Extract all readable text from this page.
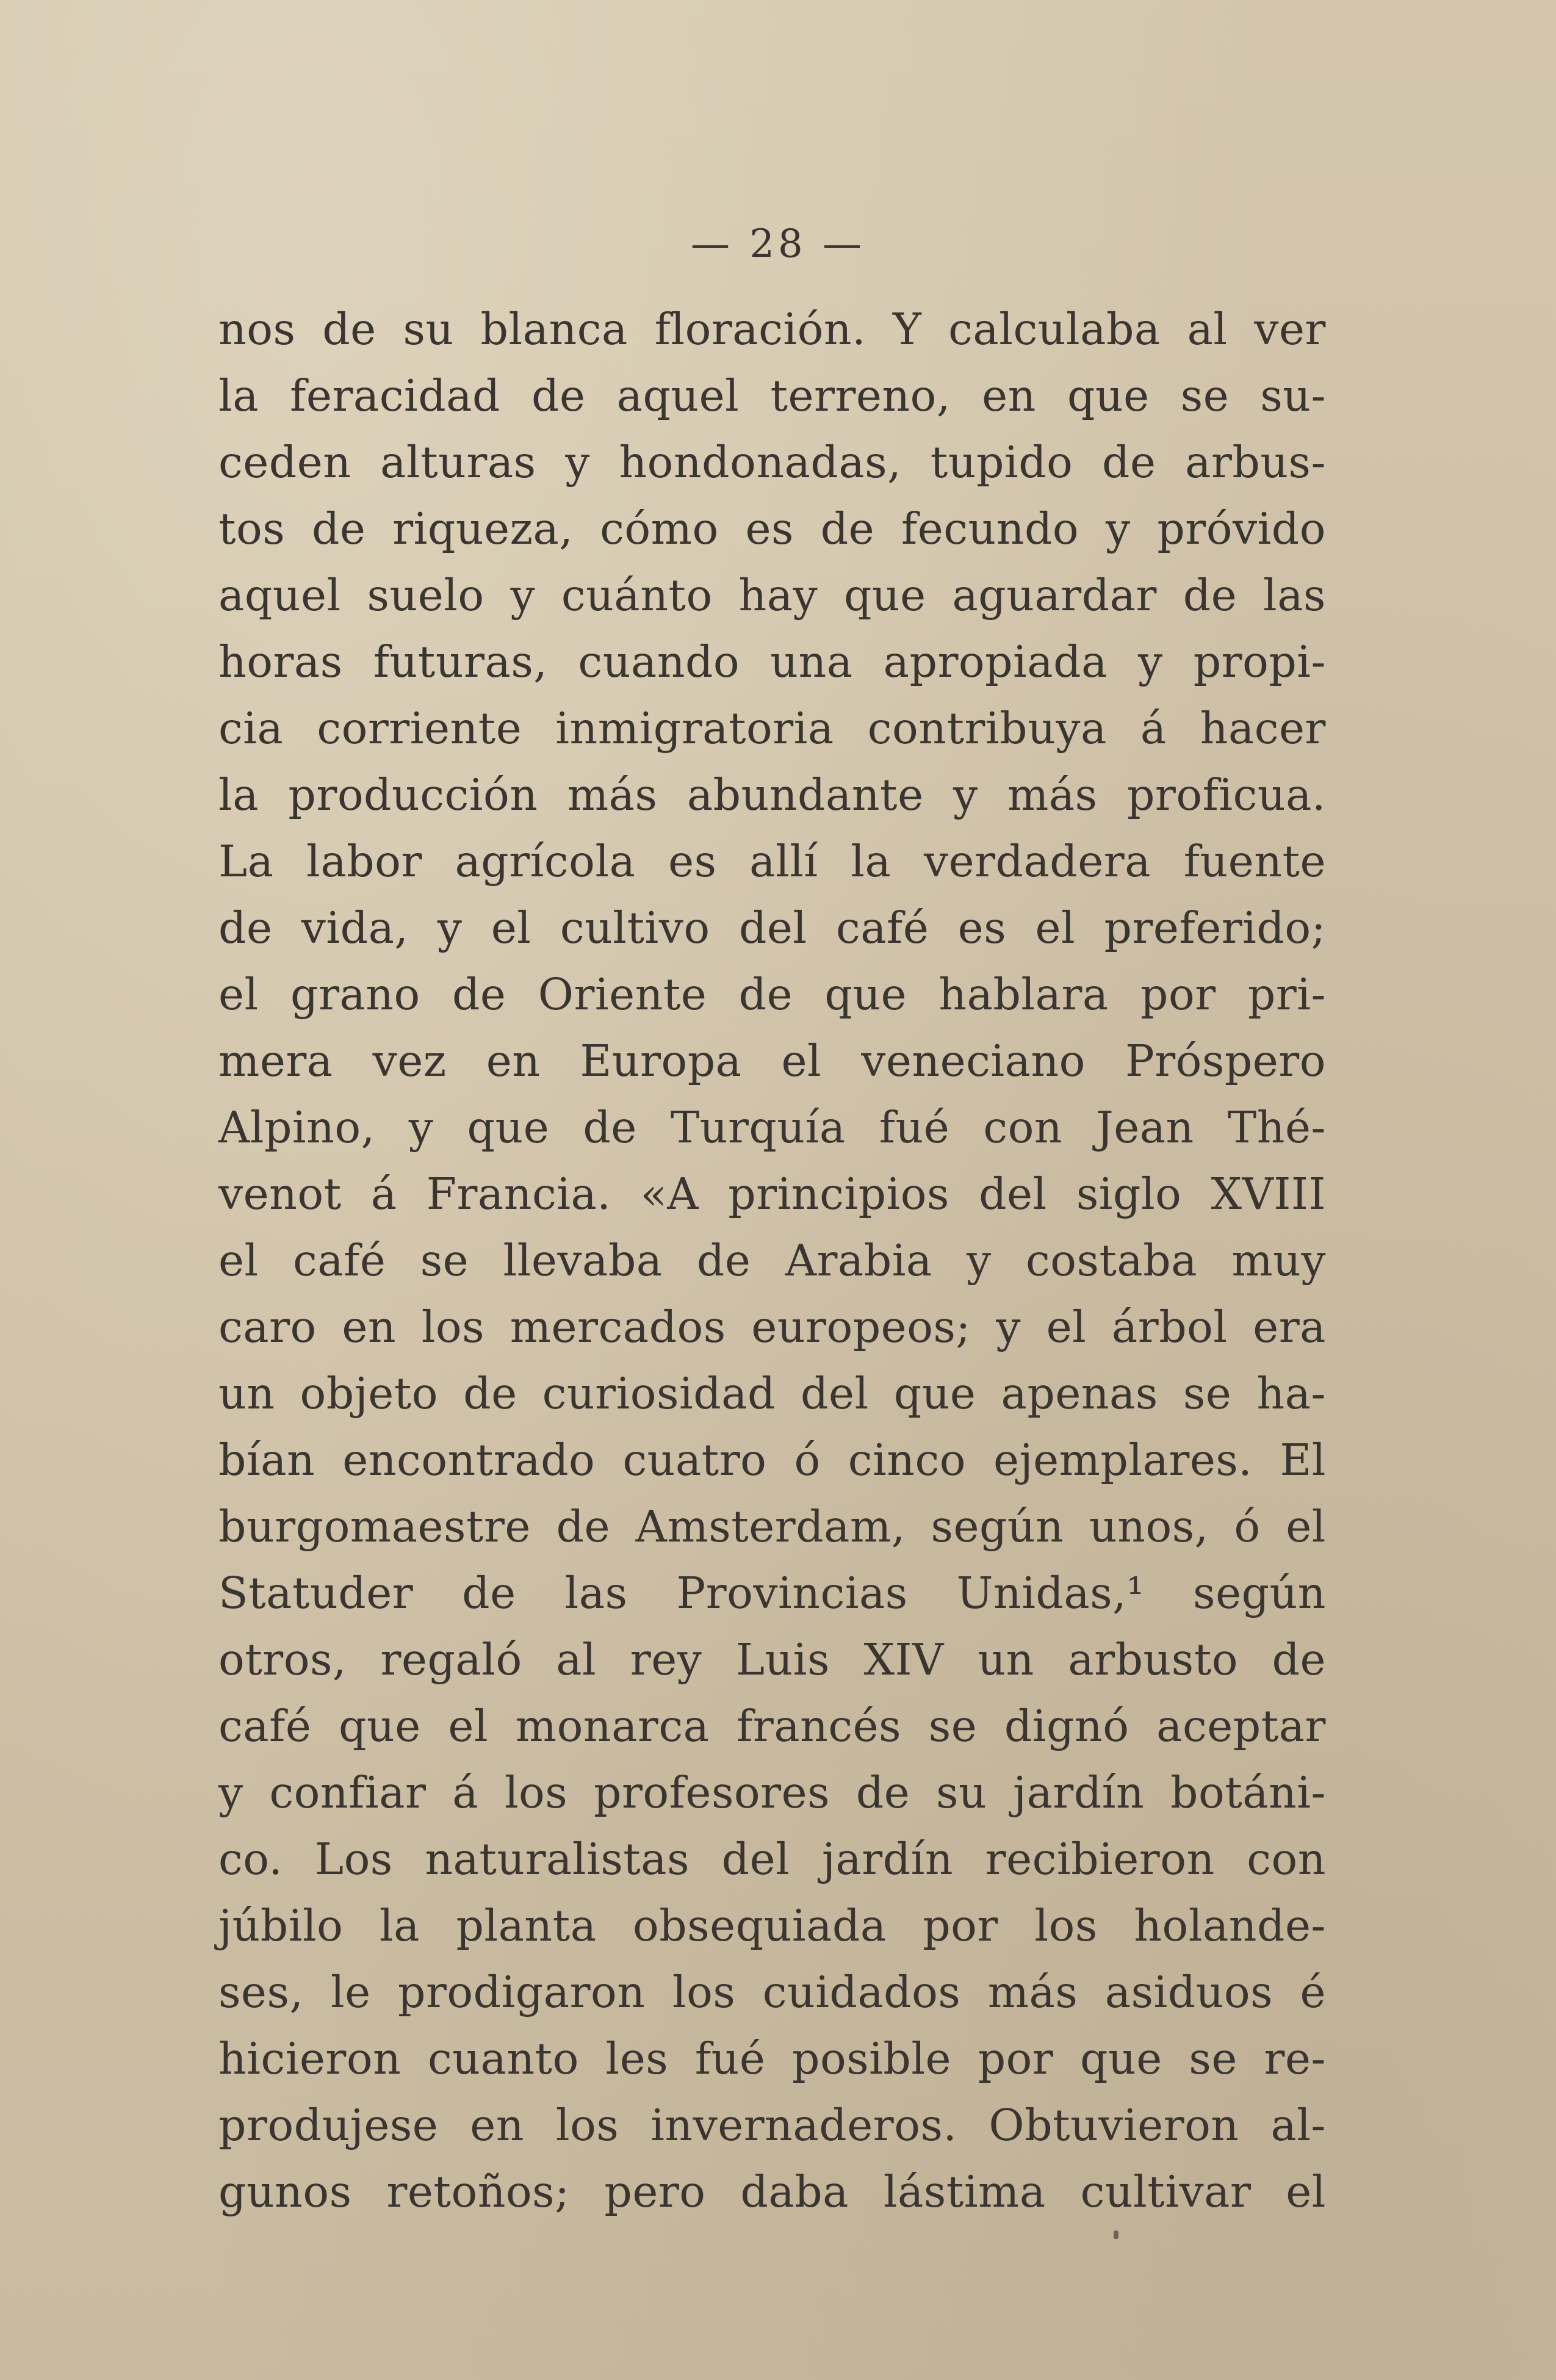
— 28 —
nos de su blanca floración. Y calculaba al ver
la feracidad de aquel terreno, en que se su-
ceden alturas y hondonadas, tupido de arbus-
tos de riqueza, cómo es de fecundo y próvido
aquel suelo y cuánto hay que aguardar de las
horas futuras, cuando una apropiada y propi-
cia corriente inmigratoria contribuya á hacer
la producción más abundante y más proficua.
La labor agrícola es allí la verdadera fuente
de vida, y el cultivo del café es el preferido;
el grano de Oriente de que hablara por pri-
mera vez en Europa el veneciano Próspero
Alpino, y que de Turquía fué con Jean Thé-
venot á Francia. «A principios del siglo XVIII
el café se llevaba de Arabia y costaba muy
caro en los mercados europeos; y el árbol era
un objeto de curiosidad del que apenas se ha-
bían encontrado cuatro ó cinco ejemplares. El
burgomaestre de Amsterdam, según unos, ó el
Statuder de las Provincias Unidas,¹ según
otros, regaló al rey Luis XIV un arbusto de
café que el monarca francés se dignó aceptar
y confiar á los profesores de su jardín botáni-
co. Los naturalistas del jardín recibieron con
júbilo la planta obsequiada por los holande-
ses, le prodigaron los cuidados más asiduos é
hicieron cuanto les fué posible por que se re-
produjese en los invernaderos. Obtuvieron al-
gunos retoños; pero daba lástima cultivar el
